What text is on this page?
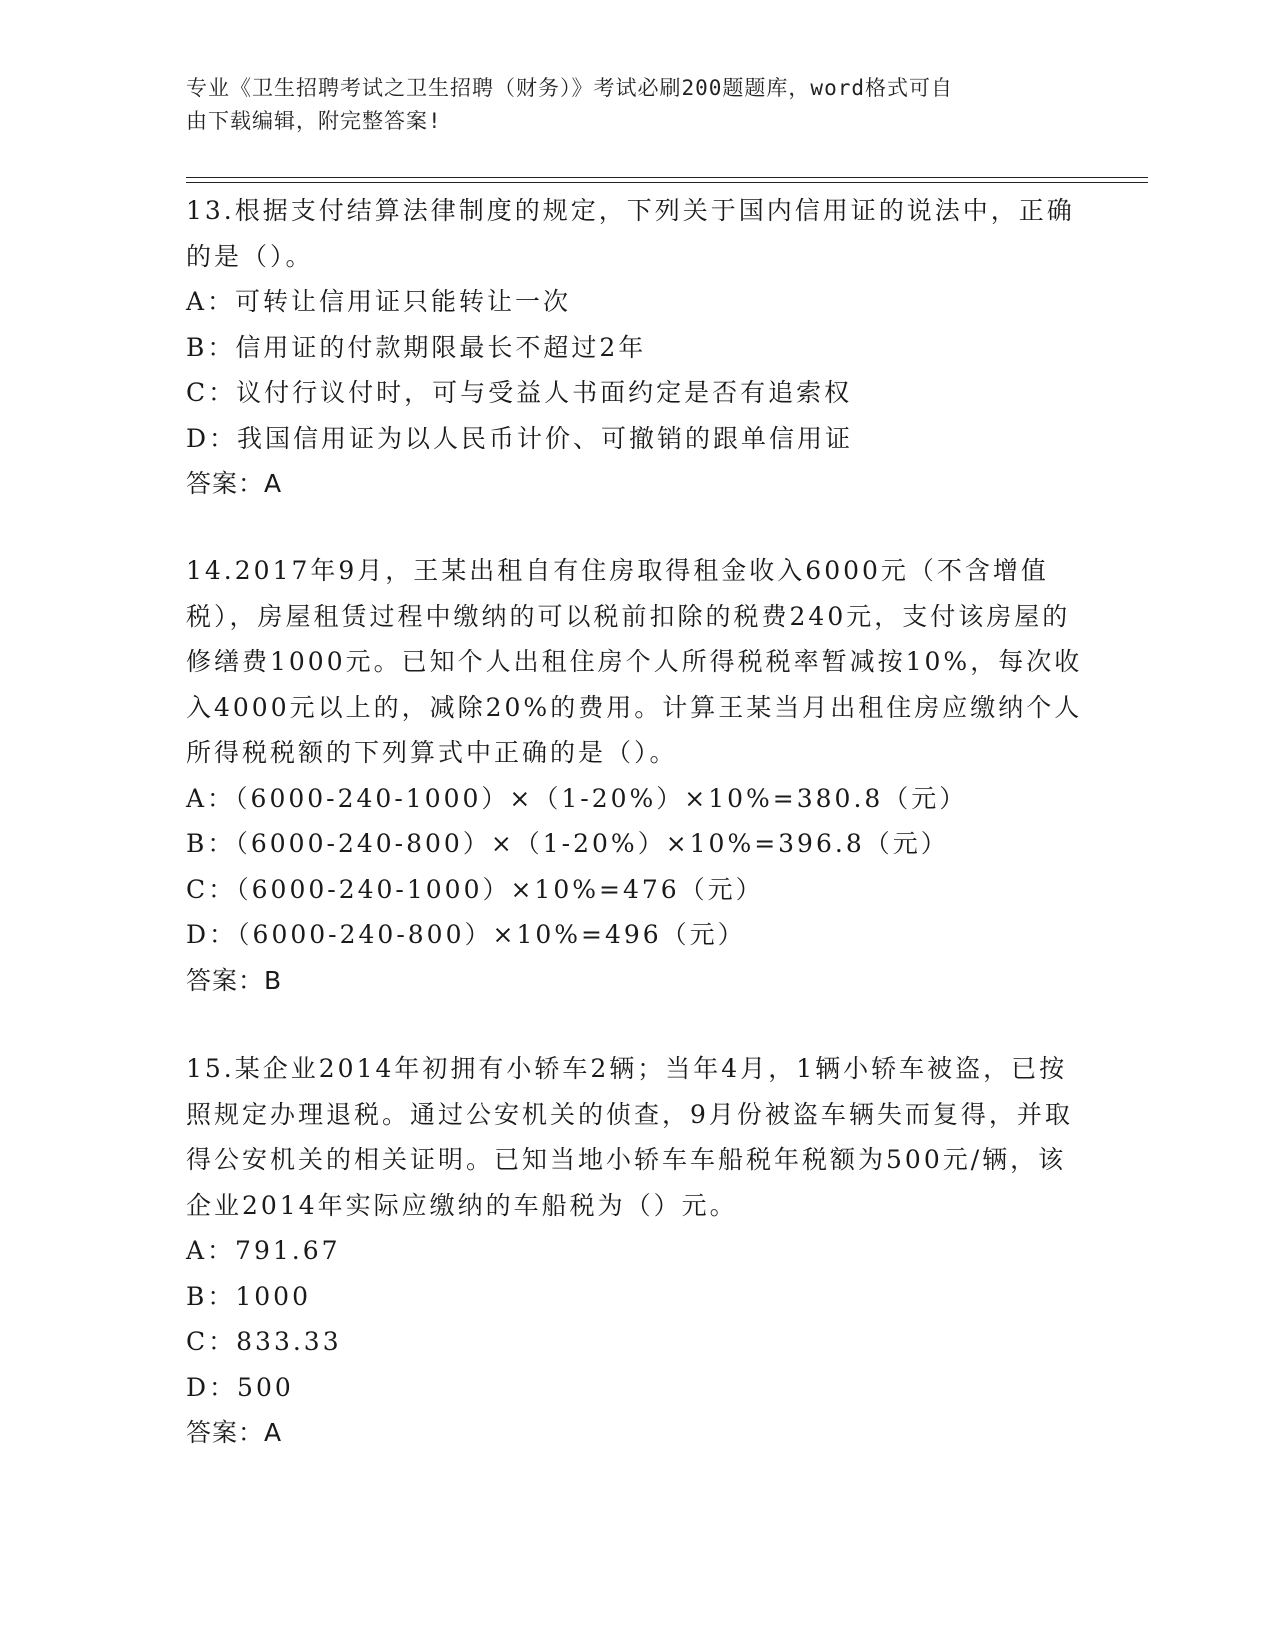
专业《卫生招聘考试之卫生招聘（财务）》考试必刷200题题库，word格式可自
由下载编辑，附完整答案!

13.根据支付结算法律制度的规定，下列关于国内信用证的说法中，正确的是（）。

A：可转让信用证只能转让一次

B：信用证的付款期限最长不超过2年

C：议付行议付时，可与受益人书面约定是否有追索权

D：我国信用证为以人民币计价、可撤销的跟单信用证

答案：A

14.2017年9月，王某出租自有住房取得租金收入6000元（不含增值税），房屋租赁过程中缴纳的可以税前扣除的税费240元，支付该房屋的修缮费1000元。已知个人出租住房个人所得税税率暂减按10%，每次收入4000元以上的，减除20%的费用。计算王某当月出租住房应缴纳个人所得税税额的下列算式中正确的是（）。

A：（6000-240-1000）×（1-20%）×10%=380.8（元）

B：（6000-240-800）×（1-20%）×10%=396.8（元）

C：（6000-240-1000）×10%=476（元）

D：（6000-240-800）×10%=496（元）

答案：B

15.某企业2014年初拥有小轿车2辆；当年4月，1辆小轿车被盗，已按照规定办理退税。通过公安机关的侦查，9月份被盗车辆失而复得，并取得公安机关的相关证明。已知当地小轿车车船税年税额为500元/辆，该企业2014年实际应缴纳的车船税为（）元。

A：791.67

B：1000

C：833.33

D：500

答案：A
